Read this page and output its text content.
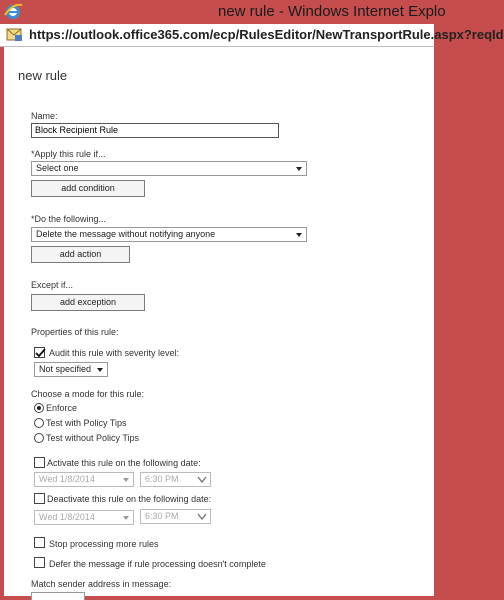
new rule - Windows Internet Explo
https://outlook.office365.com/ecp/RulesEditor/NewTransportRule.aspx?reqId
new rule
Name:
Block Recipient Rule
*Apply this rule if...
Select one
add condition
*Do the following...
Delete the message without notifying anyone
add action
Except if...
add exception
Properties of this rule:
Audit this rule with severity level:
Not specified
Choose a mode for this rule:
Enforce
Test with Policy Tips
Test without Policy Tips
Activate this rule on the following date:
Wed 1/8/2014	6:30 PM
Deactivate this rule on the following date:
Wed 1/8/2014	6:30 PM
Stop processing more rules
Defer the message if rule processing doesn't complete
Match sender address in message:
